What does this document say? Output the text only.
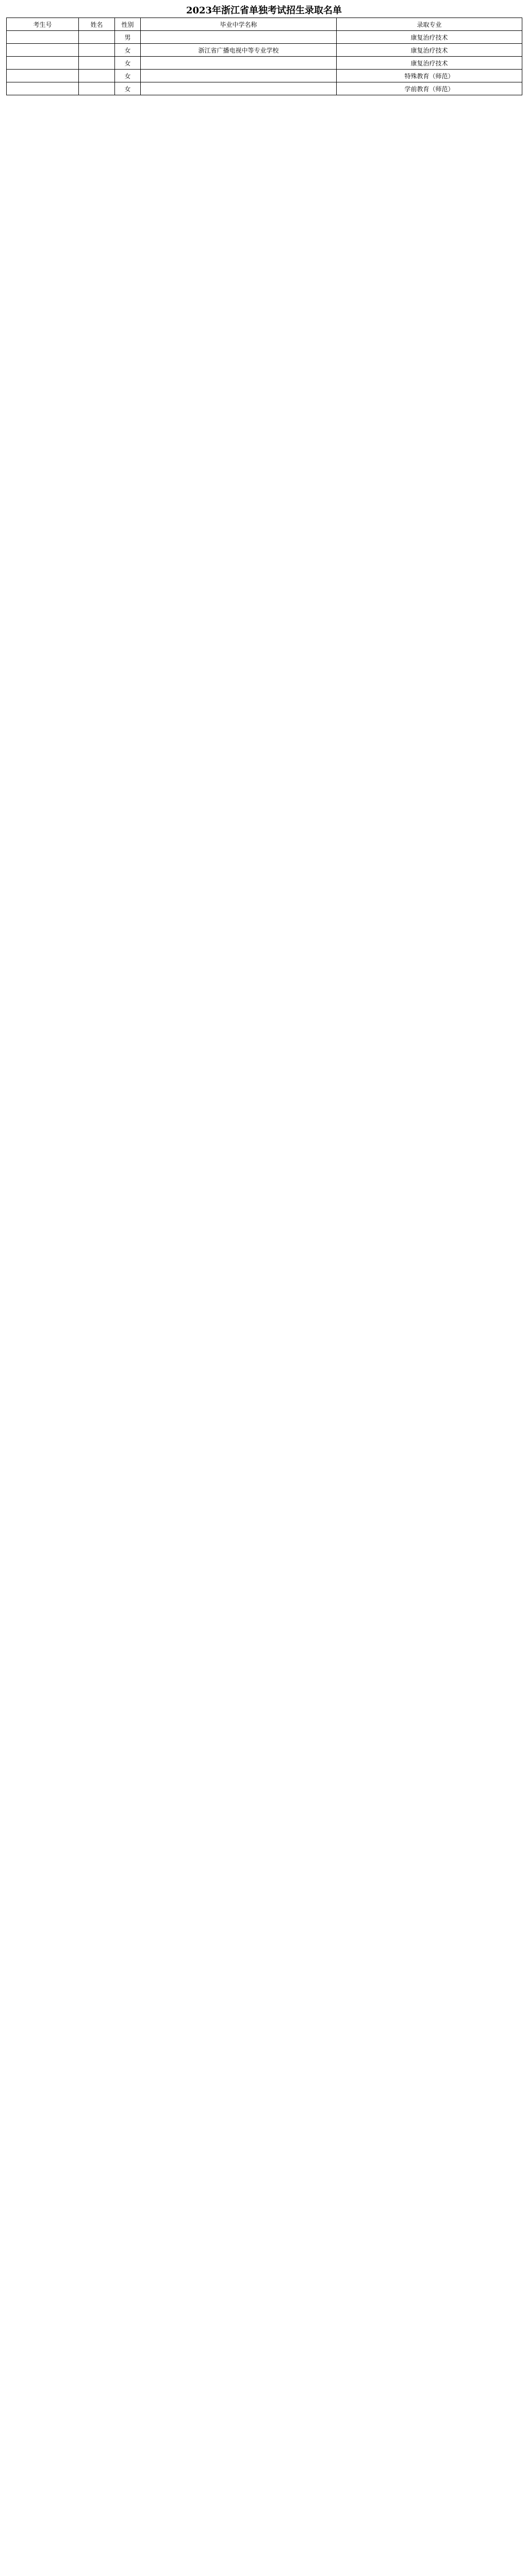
2023年浙江省单独考试招生录取名单
考生号	姓名	性别	毕业中学名称	录取专业
		男		康复治疗技术
		女	浙江省广播电视中等专业学校	康复治疗技术
		女		康复治疗技术
		女		特殊教育（师范）
		女		学前教育（师范）
